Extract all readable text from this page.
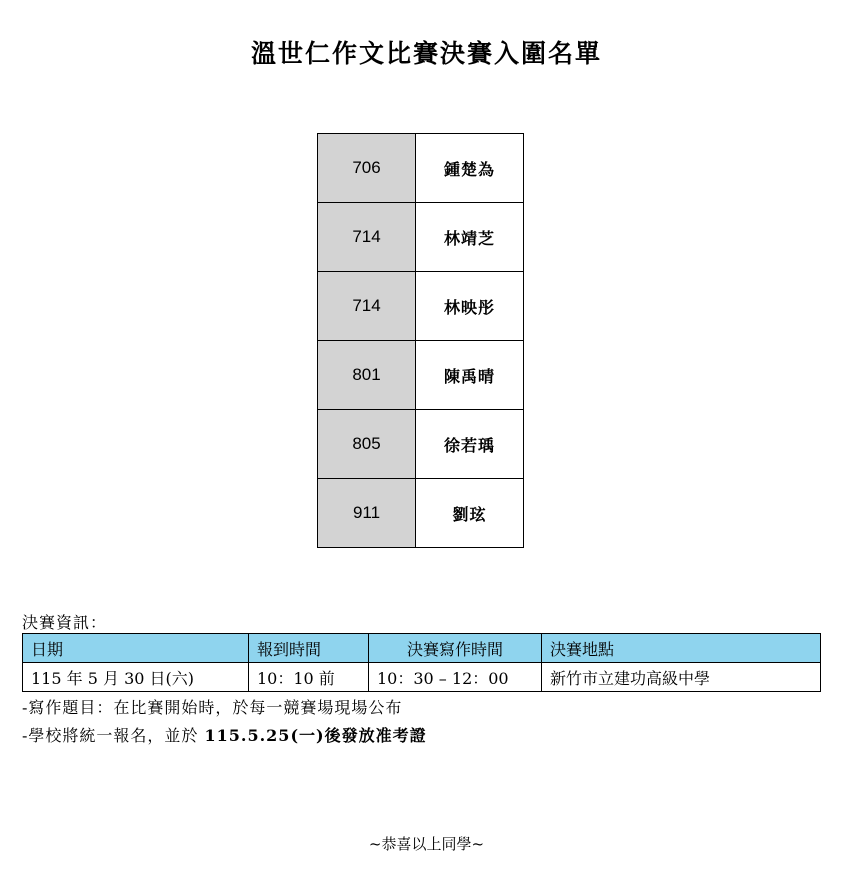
溫世仁作文比賽決賽入圍名單
706	鍾楚為
714	林靖芝
714	林映彤
801	陳禹晴
805	徐若瑀
911	劉玹
決賽資訊：
日期	報到時間	決賽寫作時間	決賽地點
115 年 5 月 30 日(六)	10：10 前	10：30 – 12：00	新竹市立建功高級中學
-寫作題目：在比賽開始時，於每一競賽場現場公布
-學校將統一報名，並於 115.5.25(一)後發放准考證
~恭喜以上同學~
